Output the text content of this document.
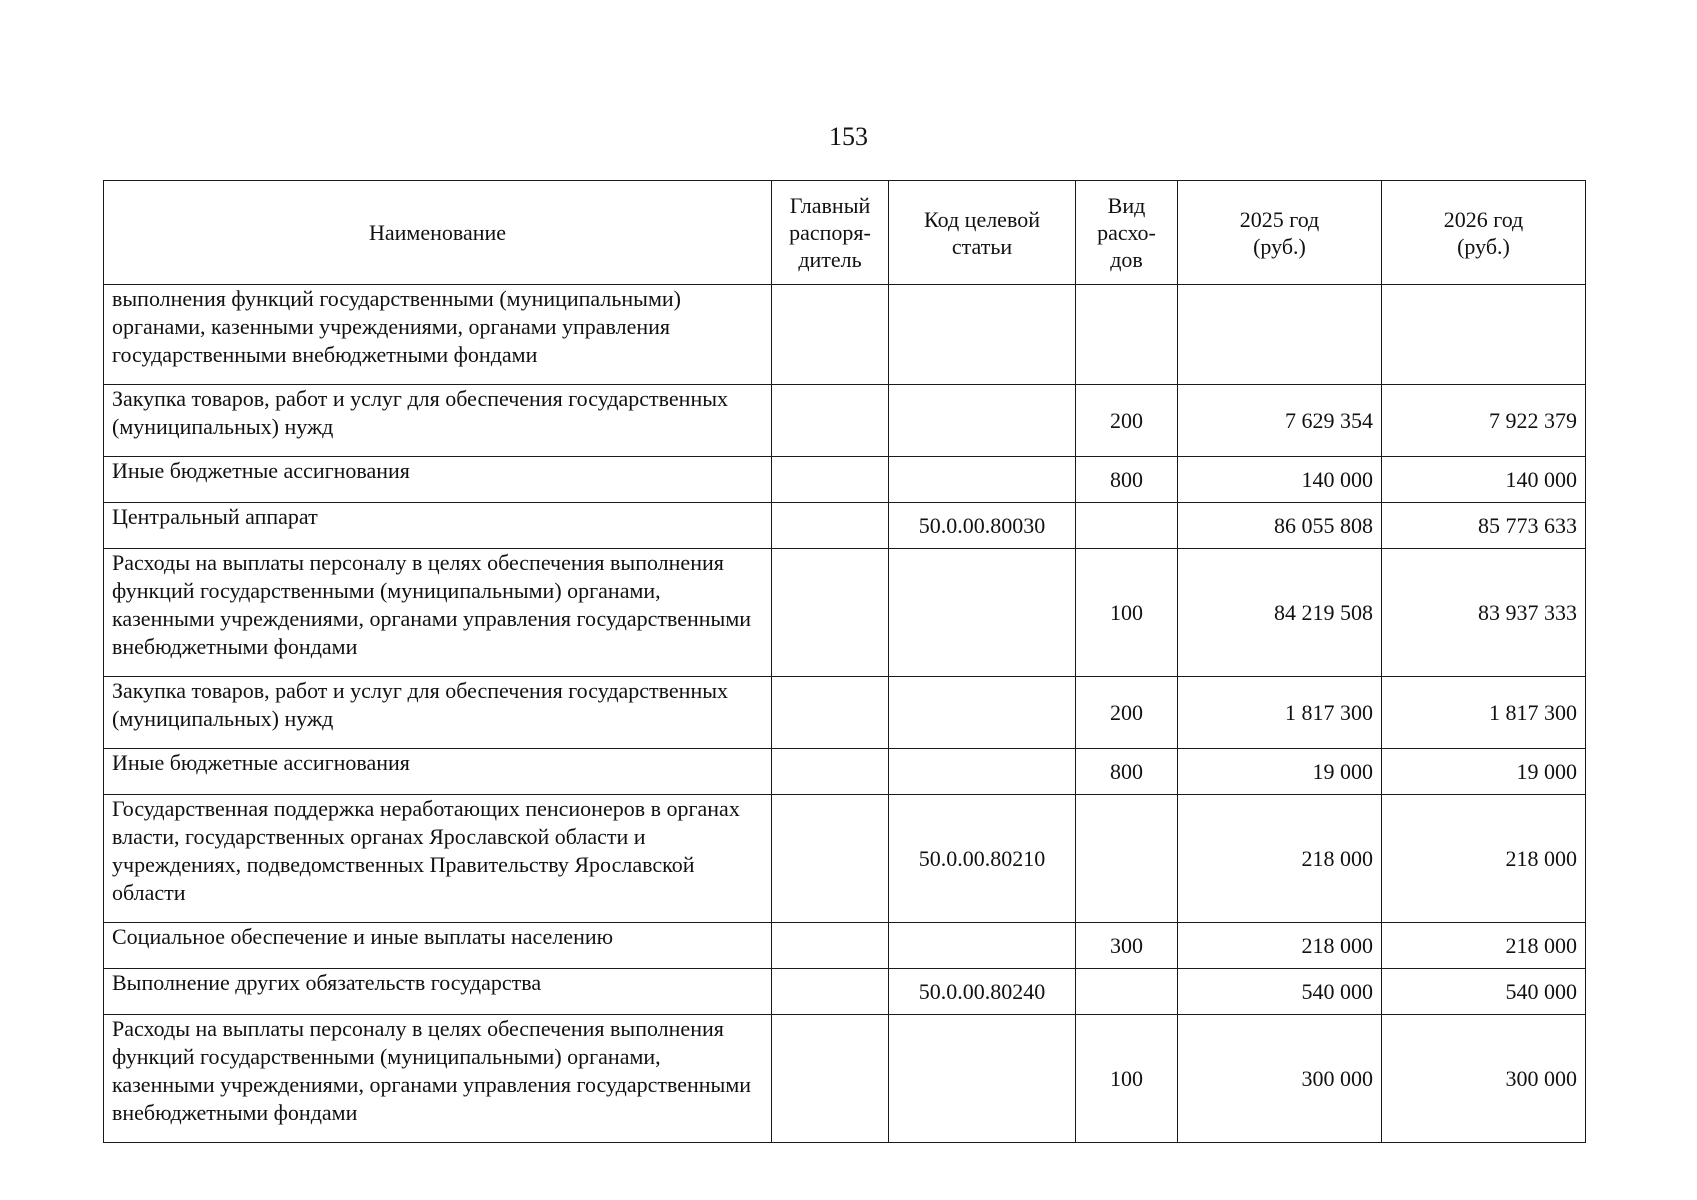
153
Наименование	Главный распоря-дитель	Код целевой статьи	Вид расхо-дов	2025 год (руб.)	2026 год (руб.)
выполнения функций государственными (муниципальными) органами, казенными учреждениями, органами управления государственными внебюджетными фондами					
Закупка товаров, работ и услуг для обеспечения государственных (муниципальных) нужд			200	7 629 354	7 922 379
Иные бюджетные ассигнования			800	140 000	140 000
Центральный аппарат		50.0.00.80030		86 055 808	85 773 633
Расходы на выплаты персоналу в целях обеспечения выполнения функций государственными (муниципальными) органами, казенными учреждениями, органами управления государственными внебюджетными фондами			100	84 219 508	83 937 333
Закупка товаров, работ и услуг для обеспечения государственных (муниципальных) нужд			200	1 817 300	1 817 300
Иные бюджетные ассигнования			800	19 000	19 000
Государственная поддержка неработающих пенсионеров в органах власти, государственных органах Ярославской области и учреждениях, подведомственных Правительству Ярославской области		50.0.00.80210		218 000	218 000
Социальное обеспечение и иные выплаты населению			300	218 000	218 000
Выполнение других обязательств государства		50.0.00.80240		540 000	540 000
Расходы на выплаты персоналу в целях обеспечения выполнения функций государственными (муниципальными) органами, казенными учреждениями, органами управления государственными внебюджетными фондами			100	300 000	300 000
